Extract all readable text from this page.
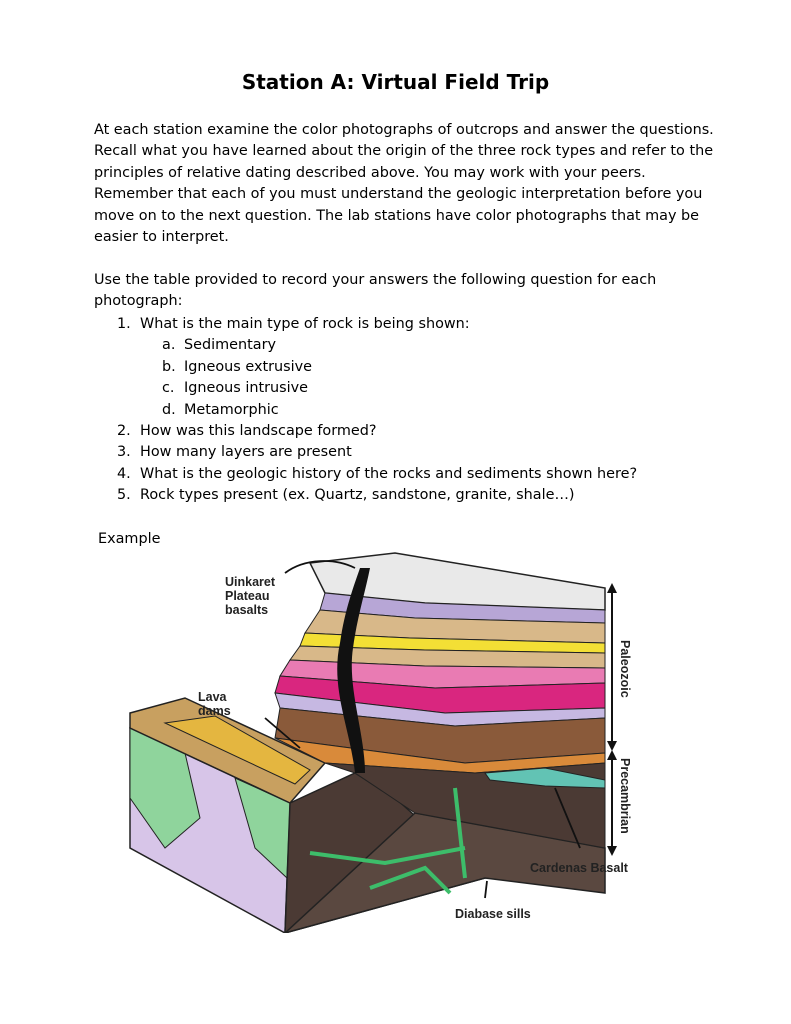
Station A: Virtual Field Trip

At each station examine the color photographs of outcrops and answer the questions. Recall what you have learned about the origin of the three rock types and refer to the principles of relative dating described above. You may work with your peers. Remember that each of you must understand the geologic interpretation before you move on to the next question. The lab stations have color photographs that may be easier to interpret.

Use the table provided to record your answers the following question for each photograph:

1. What is the main type of rock is being shown:
a. Sedimentary
b. Igneous extrusive
c. Igneous intrusive
d. Metamorphic
2. How was this landscape formed?
3. How many layers are present
4. What is the geologic history of the rocks and sediments shown here?
5. Rock types present (ex. Quartz, sandstone, granite, shale…)

Example

Uinkaret
Plateau
basalts
Lava
dams
Paleozoic
Precambrian
Cardenas Basalt
Diabase sills
